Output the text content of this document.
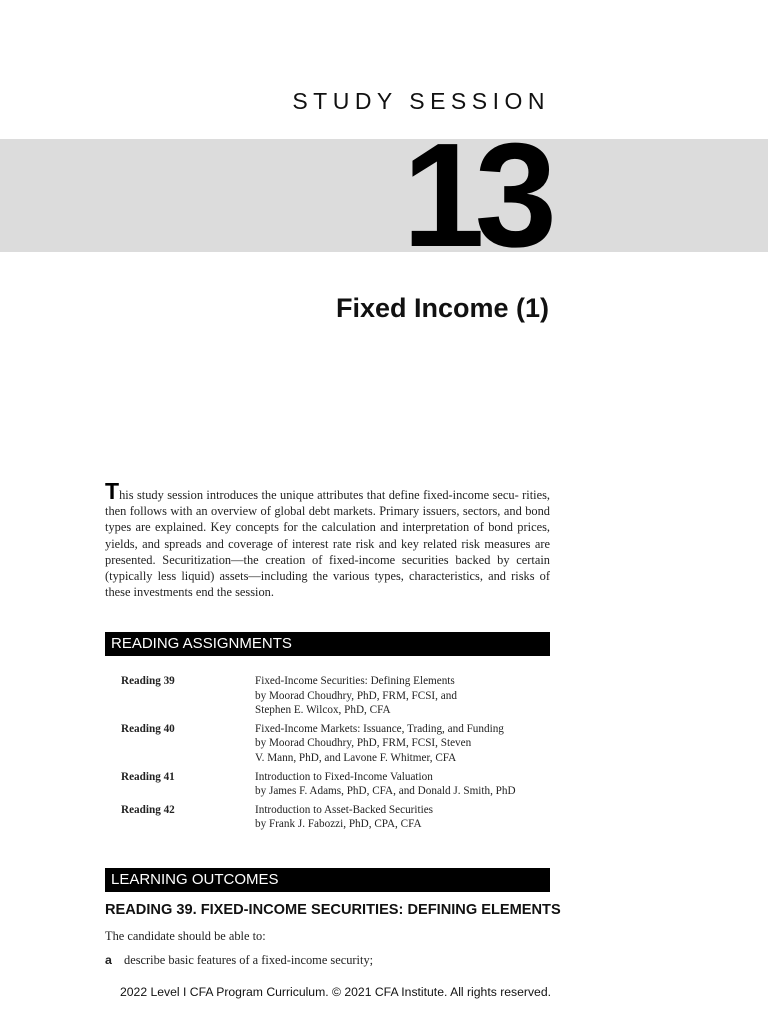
STUDY SESSION
13
Fixed Income (1)
This study session introduces the unique attributes that define fixed-income secu- rities, then follows with an overview of global debt markets. Primary issuers, sectors, and bond types are explained. Key concepts for the calculation and interpretation of bond prices, yields, and spreads and coverage of interest rate risk and key related risk measures are presented. Securitization—the creation of fixed-income securities backed by certain (typically less liquid) assets—including the various types, characteristics, and risks of these investments end the session.
READING ASSIGNMENTS
Reading 39	Fixed-Income Securities: Defining Elements
by Moorad Choudhry, PhD, FRM, FCSI, and
Stephen E. Wilcox, PhD, CFA
Reading 40	Fixed-Income Markets: Issuance, Trading, and Funding
by Moorad Choudhry, PhD, FRM, FCSI, Steven
V. Mann, PhD, and Lavone F. Whitmer, CFA
Reading 41	Introduction to Fixed-Income Valuation
by James F. Adams, PhD, CFA, and Donald J. Smith, PhD
Reading 42	Introduction to Asset-Backed Securities
by Frank J. Fabozzi, PhD, CPA, CFA
LEARNING OUTCOMES
READING 39. FIXED-INCOME SECURITIES: DEFINING ELEMENTS
The candidate should be able to:
a describe basic features of a fixed-income security;
2022 Level I CFA Program Curriculum. © 2021 CFA Institute. All rights reserved.
